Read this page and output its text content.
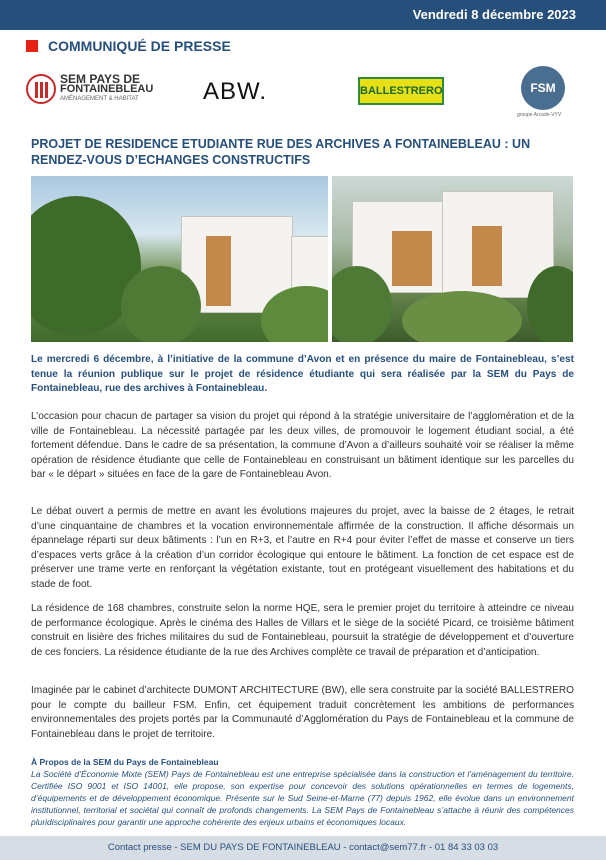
Vendredi 8 décembre 2023
COMMUNIQUÉ DE PRESSE
SEM PAYS DE
FONTAINEBLEAU
AMÉNAGEMENT & HABITAT	ABW.	BALLESTRERO	FSM
groupe Arcade-VYV
PROJET DE RESIDENCE ETUDIANTE RUE DES ARCHIVES A FONTAINEBLEAU : UN RENDEZ-VOUS D’ECHANGES CONSTRUCTIFS
Le mercredi 6 décembre, à l’initiative de la commune d’Avon et en présence du maire de Fontainebleau, s’est tenue la réunion publique sur le projet de résidence étudiante qui sera réalisée par la SEM du Pays de Fontainebleau, rue des archives à Fontainebleau.
L’occasion pour chacun de partager sa vision du projet qui répond à la stratégie universitaire de l’agglomération et de la ville de Fontainebleau. La nécessité partagée par les deux villes, de promouvoir le logement étudiant social, a été fortement défendue. Dans le cadre de sa présentation, la commune d’Avon a d’ailleurs souhaité voir se réaliser la même opération de résidence étudiante que celle de Fontainebleau en construisant un bâtiment identique sur les parcelles du bar « le départ » situées en face de la gare de Fontainebleau Avon.
Le débat ouvert a permis de mettre en avant les évolutions majeures du projet, avec la baisse de 2 étages, le retrait d’une cinquantaine de chambres et la vocation environnementale affirmée de la construction. Il affiche désormais un épannelage réparti sur deux bâtiments : l’un en R+3, et l’autre en R+4 pour éviter l’effet de masse et conserve un tiers d’espaces verts grâce à la création d’un corridor écologique qui entoure le bâtiment. La fonction de cet espace est de préserver une trame verte en renforçant la végétation existante, tout en protégeant visuellement des habitations et du stade de foot.
La résidence de 168 chambres, construite selon la norme HQE, sera le premier projet du territoire à atteindre ce niveau de performance écologique. Après le cinéma des Halles de Villars et le siège de la société Picard, ce troisième bâtiment construit en lisière des friches militaires du sud de Fontainebleau, poursuit la stratégie de développement et d’ouverture de ces fonciers. La résidence étudiante de la rue des Archives complète ce travail de préparation et d’anticipation.
Imaginée par le cabinet d’architecte DUMONT ARCHITECTURE (BW), elle sera construite par la société BALLESTRERO pour le compte du bailleur FSM. Enfin, cet équipement traduit concrètement les ambitions de performances environnementales des projets portés par la Communauté d’Agglomération du Pays de Fontainebleau et la commune de Fontainebleau dans le projet de territoire.
À Propos de la SEM du Pays de Fontainebleau
La Société d’Économie Mixte (SEM) Pays de Fontainebleau est une entreprise spécialisée dans la construction et l’aménagement du territoire. Certifiée ISO 9001 et ISO 14001, elle propose, son expertise pour concevoir des solutions opérationnelles en termes de logements, d’équipements et de développement économique. Présente sur le Sud Seine-et-Marne (77) depuis 1962, elle évolue dans un environnement institutionnel, territorial et sociétal qui connaît de profonds changements. La SEM Pays de Fontainebleau s’attache à réunir des compétences pluridisciplinaires pour garantir une approche cohérente des enjeux urbains et économiques locaux.
Contact presse - SEM DU PAYS DE FONTAINEBLEAU - contact@sem77.fr - 01 84 33 03 03
